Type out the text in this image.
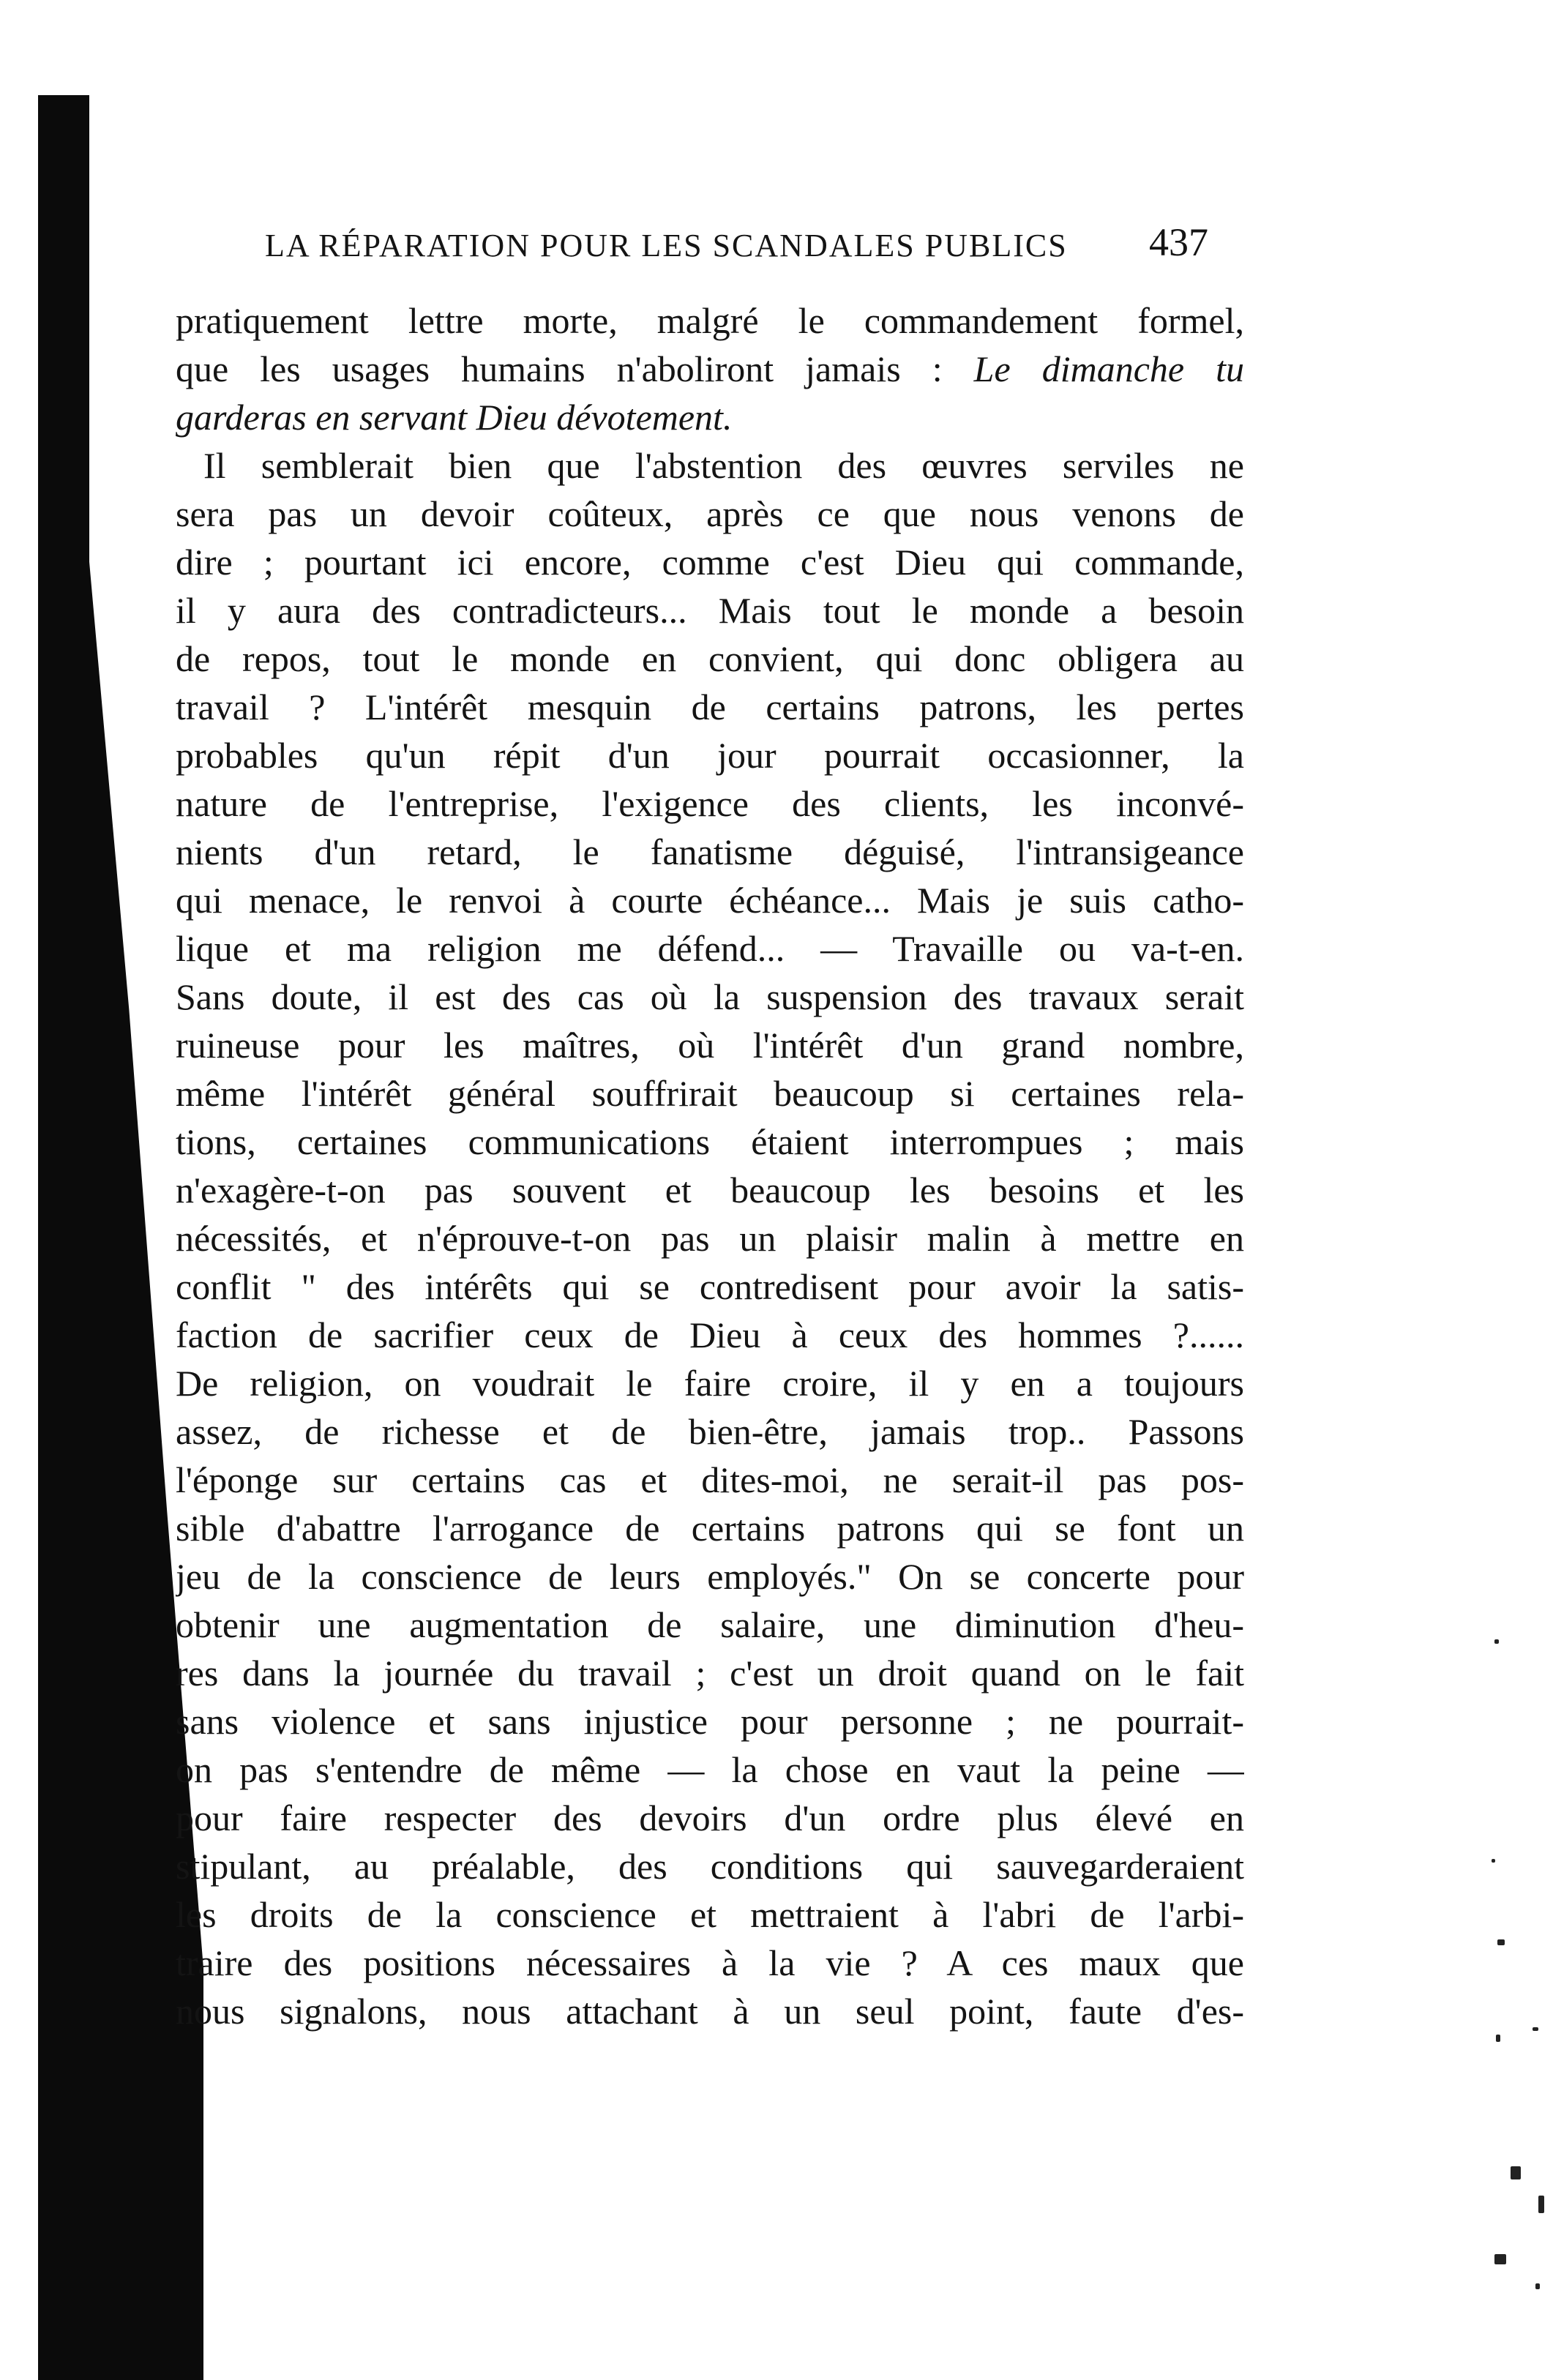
LA RÉPARATION POUR LES SCANDALES PUBLICS 437
pratiquement lettre morte, malgré le commandement formel,
que les usages humains n'aboliront jamais : Le dimanche tu
garderas en servant Dieu dévotement.
Il semblerait bien que l'abstention des œuvres serviles ne
sera pas un devoir coûteux, après ce que nous venons de
dire ; pourtant ici encore, comme c'est Dieu qui commande,
il y aura des contradicteurs... Mais tout le monde a besoin
de repos, tout le monde en convient, qui donc obligera au
travail ? L'intérêt mesquin de certains patrons, les pertes
probables qu'un répit d'un jour pourrait occasionner, la
nature de l'entreprise, l'exigence des clients, les inconvé-
nients d'un retard, le fanatisme déguisé, l'intransigeance
qui menace, le renvoi à courte échéance... Mais je suis catho-
lique et ma religion me défend... — Travaille ou va-t-en.
Sans doute, il est des cas où la suspension des travaux serait
ruineuse pour les maîtres, où l'intérêt d'un grand nombre,
même l'intérêt général souffrirait beaucoup si certaines rela-
tions, certaines communications étaient interrompues ; mais
n'exagère-t-on pas souvent et beaucoup les besoins et les
nécessités, et n'éprouve-t-on pas un plaisir malin à mettre en
conflit " des intérêts qui se contredisent pour avoir la satis-
faction de sacrifier ceux de Dieu à ceux des hommes ?......
De religion, on voudrait le faire croire, il y en a toujours
assez, de richesse et de bien-être, jamais trop.. Passons
l'éponge sur certains cas et dites-moi, ne serait-il pas pos-
sible d'abattre l'arrogance de certains patrons qui se font un
jeu de la conscience de leurs employés." On se concerte pour
obtenir une augmentation de salaire, une diminution d'heu-
res dans la journée du travail ; c'est un droit quand on le fait
sans violence et sans injustice pour personne ; ne pourrait-
on pas s'entendre de même — la chose en vaut la peine —
pour faire respecter des devoirs d'un ordre plus élevé en
stipulant, au préalable, des conditions qui sauvegarderaient
les droits de la conscience et mettraient à l'abri de l'arbi-
traire des positions nécessaires à la vie ? A ces maux que
nous signalons, nous attachant à un seul point, faute d'es-
